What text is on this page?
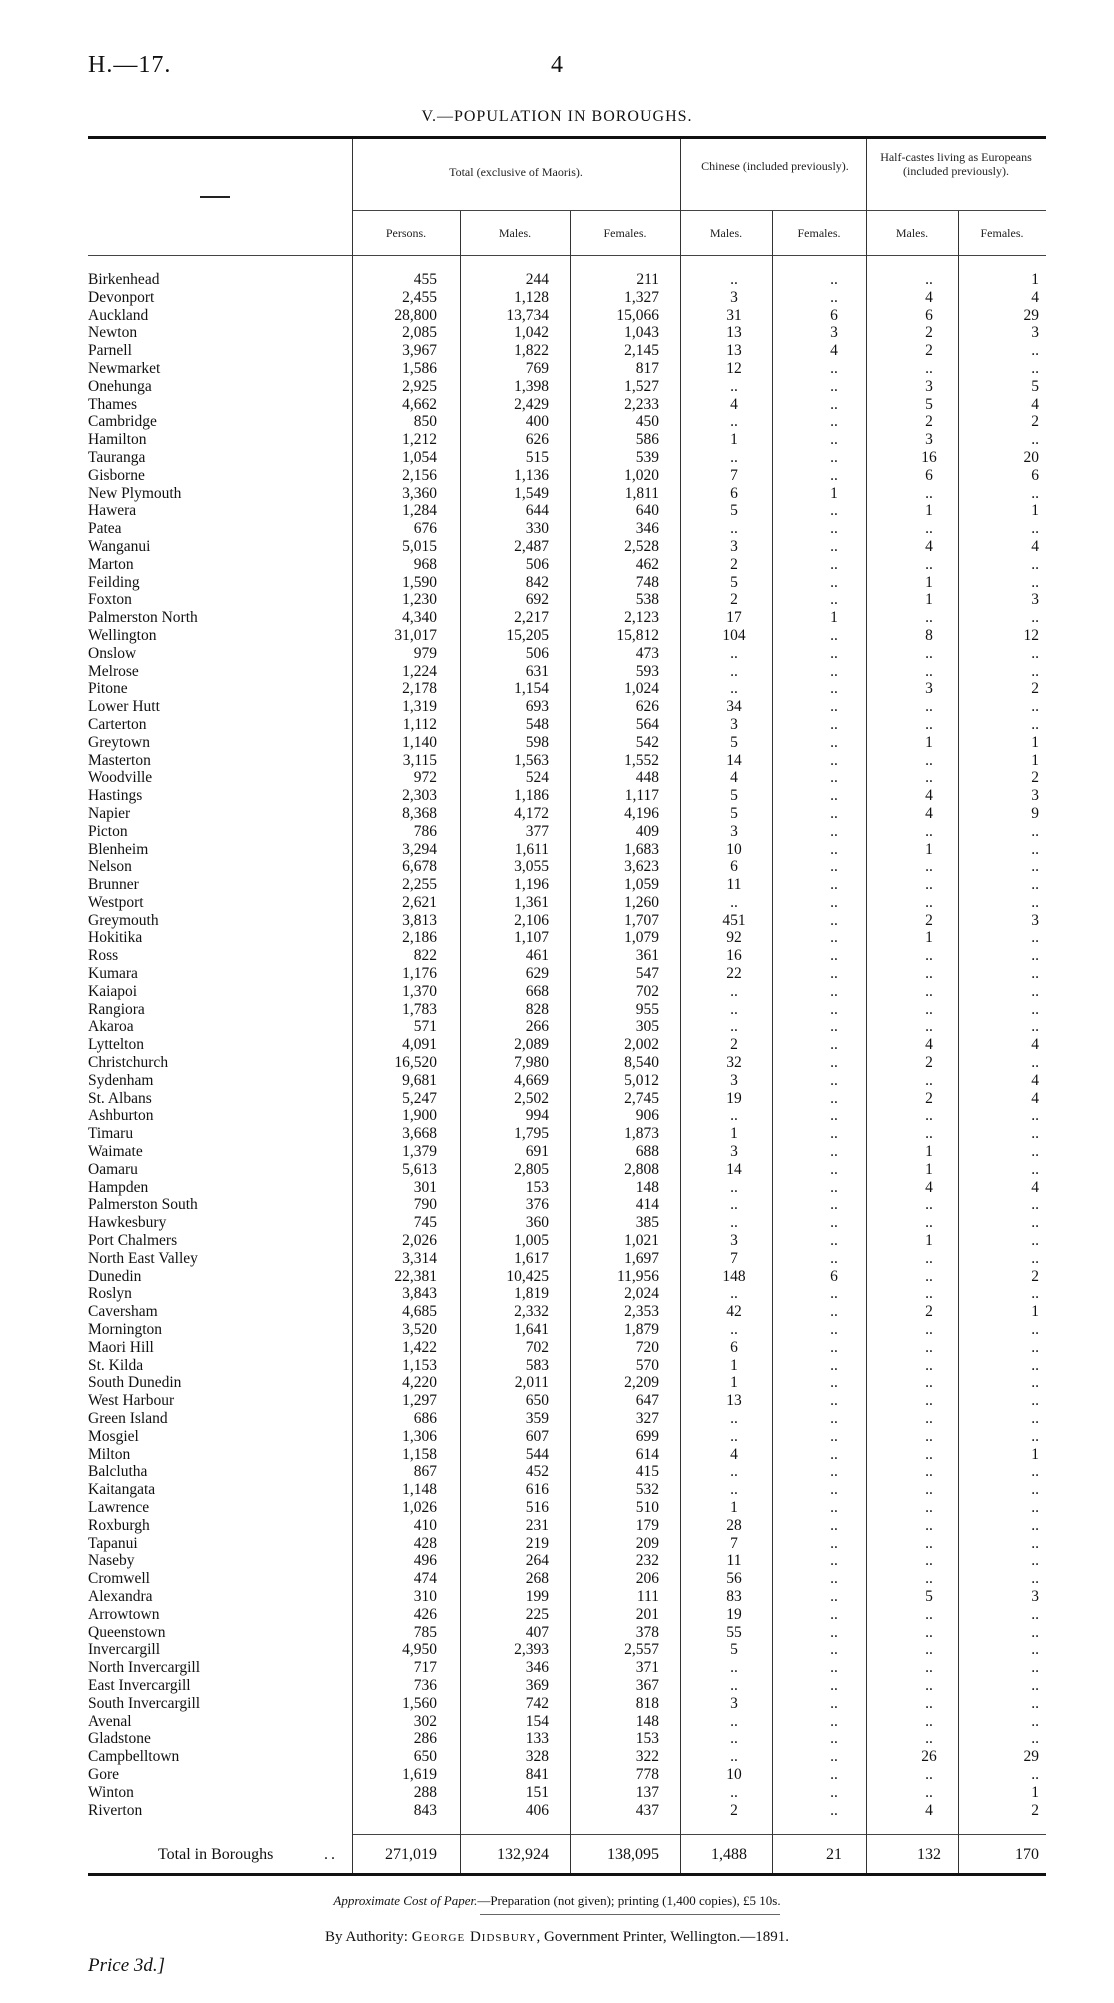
H.—17.	4
V.—POPULATION IN BOROUGHS.
Total (exclusive of Maoris).	Chinese (included previously).
Half-castes living as Europeans (included previously).
Persons.	Males.	Females.	Males.	Females.	Males.	Females.
Birkenhead	455	244	211	..	..	..	1
Devonport	2,455	1,128	1,327	3	..	4	4
Auckland	28,800	13,734	15,066	31	6	6	29
Newton	2,085	1,042	1,043	13	3	2	3
Parnell	3,967	1,822	2,145	13	4	2	..
Newmarket	1,586	769	817	12	..	..	..
Onehunga	2,925	1,398	1,527	..	..	3	5
Thames	4,662	2,429	2,233	4	..	5	4
Cambridge	850	400	450	..	..	2	2
Hamilton	1,212	626	586	1	..	3	..
Tauranga	1,054	515	539	..	..	16	20
Gisborne	2,156	1,136	1,020	7	..	6	6
New Plymouth	3,360	1,549	1,811	6	1	..	..
Hawera	1,284	644	640	5	..	1	1
Patea	676	330	346	..	..	..	..
Wanganui	5,015	2,487	2,528	3	..	4	4
Marton	968	506	462	2	..	..	..
Feilding	1,590	842	748	5	..	1	..
Foxton	1,230	692	538	2	..	1	3
Palmerston North	4,340	2,217	2,123	17	1	..	..
Wellington	31,017	15,205	15,812	104	..	8	12
Onslow	979	506	473	..	..	..	..
Melrose	1,224	631	593	..	..	..	..
Pitone	2,178	1,154	1,024	..	..	3	2
Lower Hutt	1,319	693	626	34	..	..	..
Carterton	1,112	548	564	3	..	..	..
Greytown	1,140	598	542	5	..	1	1
Masterton	3,115	1,563	1,552	14	..	..	1
Woodville	972	524	448	4	..	..	2
Hastings	2,303	1,186	1,117	5	..	4	3
Napier	8,368	4,172	4,196	5	..	4	9
Picton	786	377	409	3	..	..	..
Blenheim	3,294	1,611	1,683	10	..	1	..
Nelson	6,678	3,055	3,623	6	..	..	..
Brunner	2,255	1,196	1,059	11	..	..	..
Westport	2,621	1,361	1,260	..	..	..	..
Greymouth	3,813	2,106	1,707	451	..	2	3
Hokitika	2,186	1,107	1,079	92	..	1	..
Ross	822	461	361	16	..	..	..
Kumara	1,176	629	547	22	..	..	..
Kaiapoi	1,370	668	702	..	..	..	..
Rangiora	1,783	828	955	..	..	..	..
Akaroa	571	266	305	..	..	..	..
Lyttelton	4,091	2,089	2,002	2	..	4	4
Christchurch	16,520	7,980	8,540	32	..	2	..
Sydenham	9,681	4,669	5,012	3	..	..	4
St. Albans	5,247	2,502	2,745	19	..	2	4
Ashburton	1,900	994	906	..	..	..	..
Timaru	3,668	1,795	1,873	1	..	..	..
Waimate	1,379	691	688	3	..	1	..
Oamaru	5,613	2,805	2,808	14	..	1	..
Hampden	301	153	148	..	..	4	4
Palmerston South	790	376	414	..	..	..	..
Hawkesbury	745	360	385	..	..	..	..
Port Chalmers	2,026	1,005	1,021	3	..	1	..
North East Valley	3,314	1,617	1,697	7	..	..	..
Dunedin	22,381	10,425	11,956	148	6	..	2
Roslyn	3,843	1,819	2,024	..	..	..	..
Caversham	4,685	2,332	2,353	42	..	2	1
Mornington	3,520	1,641	1,879	..	..	..	..
Maori Hill	1,422	702	720	6	..	..	..
St. Kilda	1,153	583	570	1	..	..	..
South Dunedin	4,220	2,011	2,209	1	..	..	..
West Harbour	1,297	650	647	13	..	..	..
Green Island	686	359	327	..	..	..	..
Mosgiel	1,306	607	699	..	..	..	..
Milton	1,158	544	614	4	..	..	1
Balclutha	867	452	415	..	..	..	..
Kaitangata	1,148	616	532	..	..	..	..
Lawrence	1,026	516	510	1	..	..	..
Roxburgh	410	231	179	28	..	..	..
Tapanui	428	219	209	7	..	..	..
Naseby	496	264	232	11	..	..	..
Cromwell	474	268	206	56	..	..	..
Alexandra	310	199	111	83	..	5	3
Arrowtown	426	225	201	19	..	..	..
Queenstown	785	407	378	55	..	..	..
Invercargill	4,950	2,393	2,557	5	..	..	..
North Invercargill	717	346	371	..	..	..	..
East Invercargill	736	369	367	..	..	..	..
South Invercargill	1,560	742	818	3	..	..	..
Avenal	302	154	148	..	..	..	..
Gladstone	286	133	153	..	..	..	..
Campbelltown	650	328	322	..	..	26	29
Gore	1,619	841	778	10	..	..	..
Winton	288	151	137	..	..	..	1
Riverton	843	406	437	2	..	4	2
Total in Boroughs	..	271,019	132,924	138,095	1,488	21	132	170
Approximate Cost of Paper.—Preparation (not given); printing (1,400 copies), £5 10s.
By Authority: George Didsbury, Government Printer, Wellington.—1891.
Price 3d.]
